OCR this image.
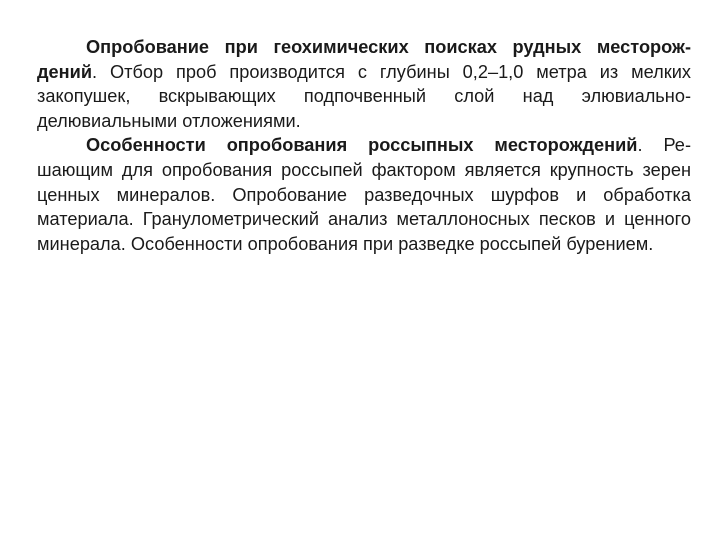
Опробование при геохимических поисках рудных месторождений. Отбор проб производится с глубины 0,2–1,0 метра из мелких закопушек, вскрывающих подпочвенный слой над элювиально-делювиальными отложениями.

Особенности опробования россыпных месторождений. Решающим для опробования россыпей фактором является крупность зерен ценных минералов. Опробование разведочных шурфов и обработка материала. Гранулометрический анализ металлоносных песков и ценного минерала. Особенности опробования при разведке россыпей бурением.
